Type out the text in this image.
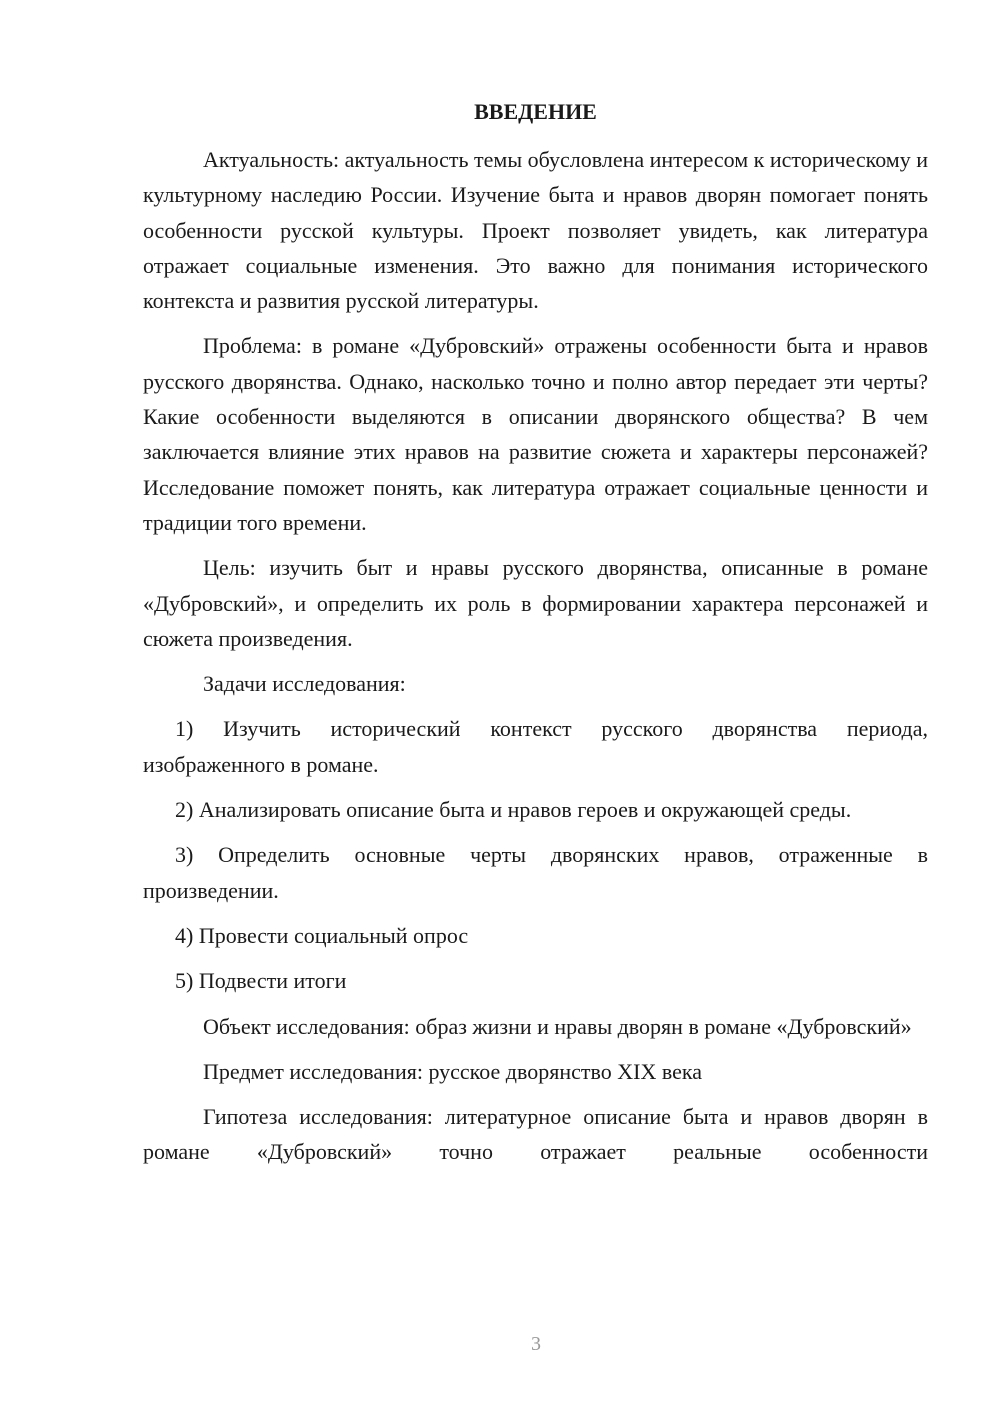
ВВЕДЕНИЕ

Актуальность: актуальность темы обусловлена интересом к историческому и культурному наследию России. Изучение быта и нравов дворян помогает понять особенности русской культуры. Проект позволяет увидеть, как литература отражает социальные изменения. Это важно для понимания исторического контекста и развития русской литературы.

Проблема: в романе «Дубровский» отражены особенности быта и нравов русского дворянства. Однако, насколько точно и полно автор передает эти черты? Какие особенности выделяются в описании дворянского общества? В чем заключается влияние этих нравов на развитие сюжета и характеры персонажей? Исследование поможет понять, как литература отражает социальные ценности и традиции того времени.

Цель: изучить быт и нравы русского дворянства, описанные в романе «Дубровский», и определить их роль в формировании характера персонажей и сюжета произведения.

Задачи исследования:

1) Изучить исторический контекст русского дворянства периода, изображенного в романе.

2) Анализировать описание быта и нравов героев и окружающей среды.

3) Определить основные черты дворянских нравов, отраженные в произведении.

4) Провести социальный опрос

5) Подвести итоги

Объект исследования: образ жизни и нравы дворян в романе «Дубровский»

Предмет исследования: русское дворянство XIX века

Гипотеза исследования: литературное описание быта и нравов дворян в романе «Дубровский» точно отражает реальные особенности

3
